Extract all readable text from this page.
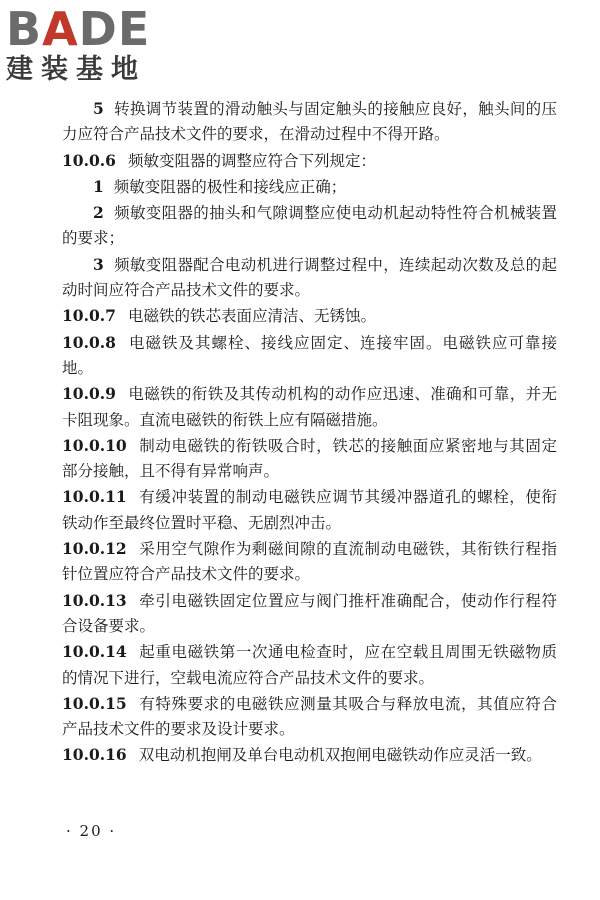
BADE
建装基地

5 转换调节装置的滑动触头与固定触头的接触应良好，触头间的压力应符合产品技术文件的要求，在滑动过程中不得开路。

10.0.6 频敏变阻器的调整应符合下列规定：

1 频敏变阻器的极性和接线应正确；

2 频敏变阻器的抽头和气隙调整应使电动机起动特性符合机械装置的要求；

3 频敏变阻器配合电动机进行调整过程中，连续起动次数及总的起动时间应符合产品技术文件的要求。

10.0.7 电磁铁的铁芯表面应清洁、无锈蚀。

10.0.8 电磁铁及其螺栓、接线应固定、连接牢固。电磁铁应可靠接地。

10.0.9 电磁铁的衔铁及其传动机构的动作应迅速、准确和可靠，并无卡阻现象。直流电磁铁的衔铁上应有隔磁措施。

10.0.10 制动电磁铁的衔铁吸合时，铁芯的接触面应紧密地与其固定部分接触，且不得有异常响声。

10.0.11 有缓冲装置的制动电磁铁应调节其缓冲器道孔的螺栓，使衔铁动作至最终位置时平稳、无剧烈冲击。

10.0.12 采用空气隙作为剩磁间隙的直流制动电磁铁，其衔铁行程指针位置应符合产品技术文件的要求。

10.0.13 牵引电磁铁固定位置应与阀门推杆准确配合，使动作行程符合设备要求。

10.0.14 起重电磁铁第一次通电检查时，应在空载且周围无铁磁物质的情况下进行，空载电流应符合产品技术文件的要求。

10.0.15 有特殊要求的电磁铁应测量其吸合与释放电流，其值应符合产品技术文件的要求及设计要求。

10.0.16 双电动机抱闸及单台电动机双抱闸电磁铁动作应灵活一致。

· 20 ·
